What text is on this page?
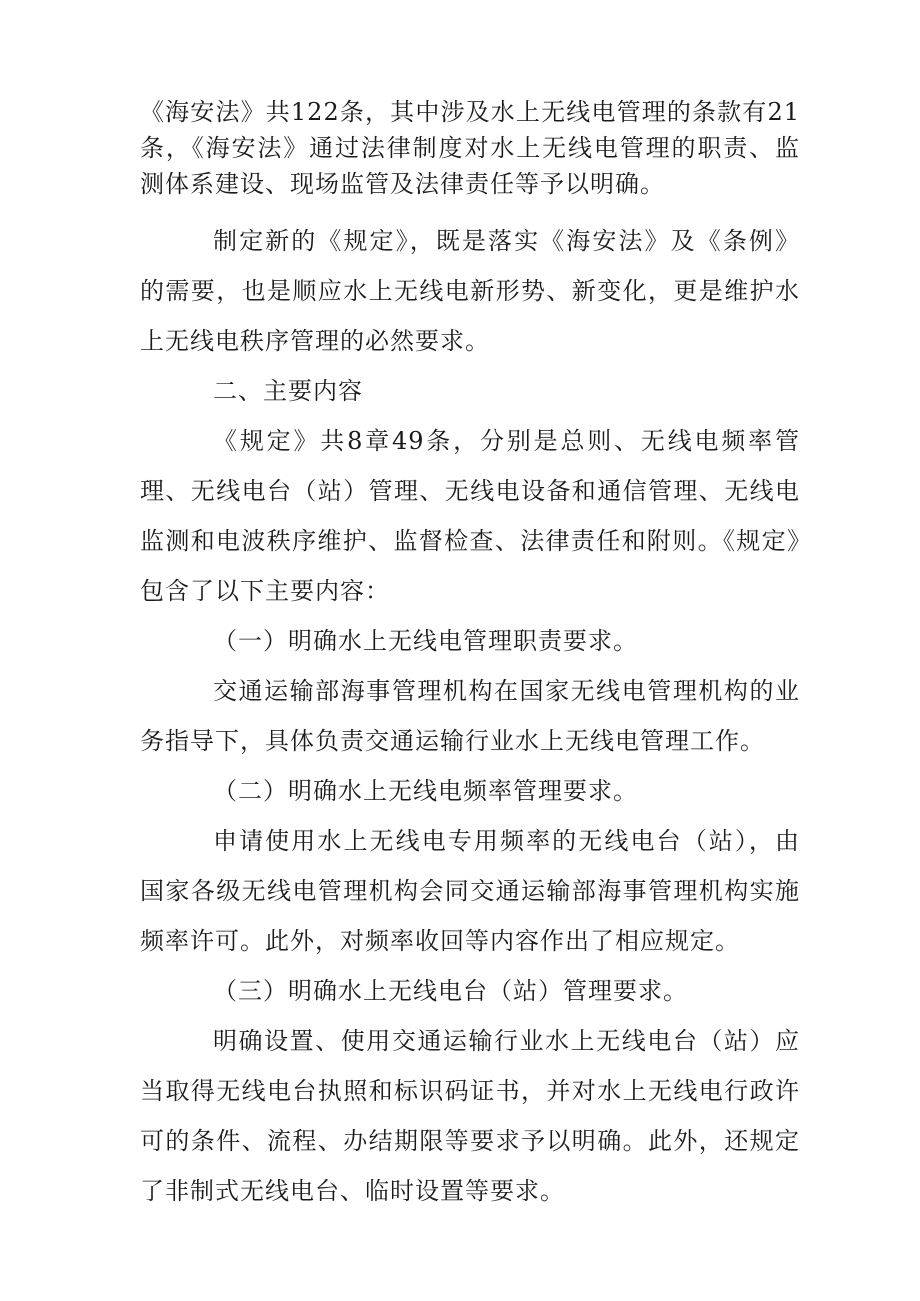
《海安法》共122条，其中涉及水上无线电管理的条款有21条，《海安法》通过法律制度对水上无线电管理的职责、监测体系建设、现场监管及法律责任等予以明确。

制定新的《规定》，既是落实《海安法》及《条例》的需要，也是顺应水上无线电新形势、新变化，更是维护水上无线电秩序管理的必然要求。

二、主要内容

《规定》共8章49条，分别是总则、无线电频率管理、无线电台（站）管理、无线电设备和通信管理、无线电监测和电波秩序维护、监督检查、法律责任和附则。《规定》包含了以下主要内容：

（一）明确水上无线电管理职责要求。

交通运输部海事管理机构在国家无线电管理机构的业务指导下，具体负责交通运输行业水上无线电管理工作。

（二）明确水上无线电频率管理要求。

申请使用水上无线电专用频率的无线电台（站），由国家各级无线电管理机构会同交通运输部海事管理机构实施频率许可。此外，对频率收回等内容作出了相应规定。

（三）明确水上无线电台（站）管理要求。

明确设置、使用交通运输行业水上无线电台（站）应当取得无线电台执照和标识码证书，并对水上无线电行政许可的条件、流程、办结期限等要求予以明确。此外，还规定了非制式无线电台、临时设置等要求。
